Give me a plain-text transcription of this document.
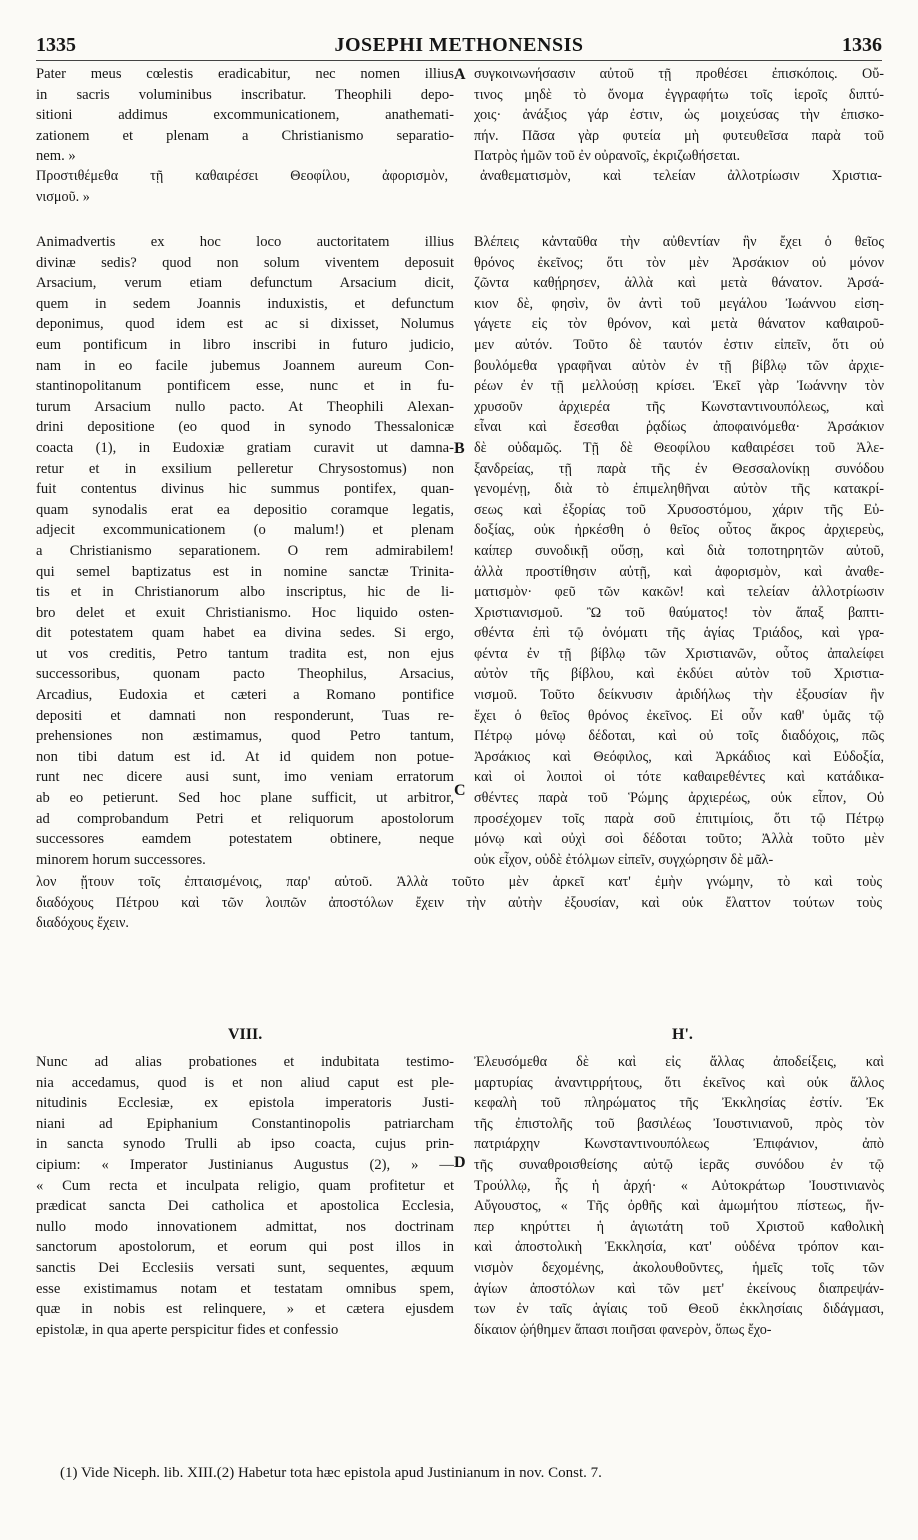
1335	JOSEPHI METHONENSIS	1336
Pater meus cœlestis eradicabitur, nec nomen illius
in sacris voluminibus inscribatur. Theophili depo-
sitioni addimus excommunicationem, anathemati-
zationem et plenam a Christianismo separatio-
nem. »
συγκοινωνήσασιν αὐτοῦ τῇ προθέσει ἐπισκόποις. Οὔ-
τινος μηδὲ τὸ ὄνομα ἐγγραφήτω τοῖς ἱεροῖς διπτύ-
χοις· ἀνάξιος γάρ ἐστιν, ὡς μοιχεύσας τὴν ἐπισκο-
πήν. Πᾶσα γὰρ φυτεία μὴ φυτευθεῖσα παρὰ τοῦ
Πατρὸς ἡμῶν τοῦ ἐν οὐρανοῖς, ἐκριζωθήσεται.
Προστιθέμεθα τῇ καθαιρέσει Θεοφίλου, ἀφορισμὸν, ἀναθεματισμὸν, καὶ τελείαν ἀλλοτρίωσιν Χριστια-
νισμοῦ. »
Animadvertis ex hoc loco auctoritatem illius
divinæ sedis? quod non solum viventem deposuit
Arsacium, verum etiam defunctum Arsacium dicit,
quem in sedem Joannis induxistis, et defunctum
deponimus, quod idem est ac si dixisset, Nolumus
eum pontificum in libro inscribi in futuro judicio,
nam in eo facile jubemus Joannem aureum Con-
stantinopolitanum pontificem esse, nunc et in fu-
turum Arsacium nullo pacto. At Theophili Alexan-
drini depositione (eo quod in synodo Thessalonicæ
coacta (1), in Eudoxiæ gratiam curavit ut damna-
retur et in exsilium pelleretur Chrysostomus) non
fuit contentus divinus hic summus pontifex, quan-
quam synodalis erat ea depositio coramque legatis,
adjecit excommunicationem (o malum!) et plenam
a Christianismo separationem. O rem admirabilem!
qui semel baptizatus est in nomine sanctæ Trinita-
tis et in Christianorum albo inscriptus, hic de li-
bro delet et exuit Christianismo. Hoc liquido osten-
dit potestatem quam habet ea divina sedes. Si ergo,
ut vos creditis, Petro tantum tradita est, non ejus
successoribus, quonam pacto Theophilus, Arsacius,
Arcadius, Eudoxia et cæteri a Romano pontifice
depositi et damnati non responderunt, Tuas re-
prehensiones non æstimamus, quod Petro tantum,
non tibi datum est id. At id quidem non potue-
runt nec dicere ausi sunt, imo veniam erratorum
ab eo petierunt. Sed hoc plane sufficit, ut arbitror,
ad comprobandum Petri et reliquorum apostolorum
successores eamdem potestatem obtinere, neque
minorem horum successores.
Βλέπεις κἀνταῦθα τὴν αὐθεντίαν ἣν ἔχει ὁ θεῖος
θρόνος ἐκεῖνος; ὅτι τὸν μὲν Ἀρσάκιον οὐ μόνον
ζῶντα καθῄρησεν, ἀλλὰ καὶ μετὰ θάνατον. Ἀρσά-
κιον δὲ, φησὶν, ὃν ἀντὶ τοῦ μεγάλου Ἰωάννου εἰση-
γάγετε εἰς τὸν θρόνον, καὶ μετὰ θάνατον καθαιροῦ-
μεν αὐτόν. Τοῦτο δὲ ταυτόν ἐστιν εἰπεῖν, ὅτι οὐ
βουλόμεθα γραφῆναι αὐτὸν ἐν τῇ βίβλῳ τῶν ἀρχιε-
ρέων ἐν τῇ μελλούσῃ κρίσει. Ἐκεῖ γὰρ Ἰωάννην τὸν
χρυσοῦν ἀρχιερέα τῆς Κωνσταντινουπόλεως, καὶ
εἶναι καὶ ἔσεσθαι ῥᾳδίως ἀποφαινόμεθα· Ἀρσάκιον
δὲ οὐδαμῶς. Τῇ δὲ Θεοφίλου καθαιρέσει τοῦ Ἀλε-
ξανδρείας, τῇ παρὰ τῆς ἐν Θεσσαλονίκῃ συνόδου
γενομένῃ, διὰ τὸ ἐπιμεληθῆναι αὐτὸν τῆς κατακρί-
σεως καὶ ἐξορίας τοῦ Χρυσοστόμου, χάριν τῆς Εὐ-
δοξίας, οὐκ ἠρκέσθη ὁ θεῖος οὗτος ἄκρος ἀρχιερεὺς,
καίπερ συνοδικῇ οὔσῃ, καὶ διὰ τοποτηρητῶν αὐτοῦ,
ἀλλὰ προστίθησιν αὐτῇ, καὶ ἀφορισμὸν, καὶ ἀναθε-
ματισμὸν· φεῦ τῶν κακῶν! καὶ τελείαν ἀλλοτρίωσιν
Χριστιανισμοῦ. Ὢ τοῦ θαύματος! τὸν ἅπαξ βαπτι-
σθέντα ἐπὶ τῷ ὀνόματι τῆς ἁγίας Τριάδος, καὶ γρα-
φέντα ἐν τῇ βίβλῳ τῶν Χριστιανῶν, οὗτος ἀπαλείφει
αὐτὸν τῆς βίβλου, καὶ ἐκδύει αὐτὸν τοῦ Χριστια-
νισμοῦ. Τοῦτο δείκνυσιν ἀριδήλως τὴν ἐξουσίαν ἣν
ἔχει ὁ θεῖος θρόνος ἐκεῖνος. Εἰ οὖν καθ' ὑμᾶς τῷ
Πέτρῳ μόνῳ δέδοται, καὶ οὐ τοῖς διαδόχοις, πῶς
Ἀρσάκιος καὶ Θεόφιλος, καὶ Ἀρκάδιος καὶ Εὐδοξία,
καὶ οἱ λοιποὶ οἱ τότε καθαιρεθέντες καὶ κατάδικα-
σθέντες παρὰ τοῦ Ῥώμης ἀρχιερέως, οὐκ εἶπον, Οὐ
προσέχομεν τοῖς παρὰ σοῦ ἐπιτιμίοις, ὅτι τῷ Πέτρῳ
μόνῳ καὶ οὐχὶ σοὶ δέδοται τοῦτο; Ἀλλὰ τοῦτο μὲν
οὐκ εἶχον, οὐδὲ ἐτόλμων εἰπεῖν, συγχώρησιν δὲ μᾶλ-
λον ᾔτουν τοῖς ἐπταισμένοις, παρ' αὐτοῦ. Ἀλλὰ τοῦτο μὲν ἀρκεῖ κατ' ἐμὴν γνώμην, τὸ καὶ τοὺς
διαδόχους Πέτρου καὶ τῶν λοιπῶν ἀποστόλων ἔχειν τὴν αὐτὴν ἐξουσίαν, καὶ οὐκ ἔλαττον τούτων τοὺς
διαδόχους ἔχειν.
VIII.	Η'.
Nunc ad alias probationes et indubitata testimo-
nia accedamus, quod is et non aliud caput est ple-
nitudinis Ecclesiæ, ex epistola imperatoris Justi-
niani ad Epiphanium Constantinopolis patriarcham
in sancta synodo Trulli ab ipso coacta, cujus prin-
cipium: « Imperator Justinianus Augustus (2), » —
« Cum recta et inculpata religio, quam profitetur et
prædicat sancta Dei catholica et apostolica Ecclesia,
nullo modo innovationem admittat, nos doctrinam
sanctorum apostolorum, et eorum qui post illos in
sanctis Dei Ecclesiis versati sunt, sequentes, æquum
esse existimamus notam et testatam omnibus spem,
quæ in nobis est relinquere, » et cætera ejusdem
epistolæ, in qua aperte perspicitur fides et confessio
Ἐλευσόμεθα δὲ καὶ εἰς ἄλλας ἀποδείξεις, καὶ
μαρτυρίας ἀναντιρρήτους, ὅτι ἐκεῖνος καὶ οὐκ ἄλλος
κεφαλὴ τοῦ πληρώματος τῆς Ἐκκλησίας ἐστίν. Ἐκ
τῆς ἐπιστολῆς τοῦ βασιλέως Ἰουστινιανοῦ, πρὸς τὸν
πατριάρχην Κωνσταντινουπόλεως Ἐπιφάνιον, ἀπὸ
τῆς συναθροισθείσης αὐτῷ ἱερᾶς συνόδου ἐν τῷ
Τρούλλῳ, ἧς ἡ ἀρχή· « Αὐτοκράτωρ Ἰουστινιανὸς
Αὔγουστος, « Τῆς ὀρθῆς καὶ ἀμωμήτου πίστεως, ἥν-
περ κηρύττει ἡ ἁγιωτάτη τοῦ Χριστοῦ καθολικὴ
καὶ ἀποστολικὴ Ἐκκλησία, κατ' οὐδένα τρόπον και-
νισμὸν δεχομένης, ἀκολουθοῦντες, ἡμεῖς τοῖς τῶν
ἁγίων ἀποστόλων καὶ τῶν μετ' ἐκείνους διαπρεψάν-
των ἐν ταῖς ἁγίαις τοῦ Θεοῦ ἐκκλησίαις διδάγμασι,
δίκαιον ᾠήθημεν ἅπασι ποιῆσαι φανερὸν, ὅπως ἔχο-
A
B
C
D
(1) Vide Niceph. lib. XIII.(2) Habetur tota hæc epistola apud Justinianum in nov. Const. 7.
